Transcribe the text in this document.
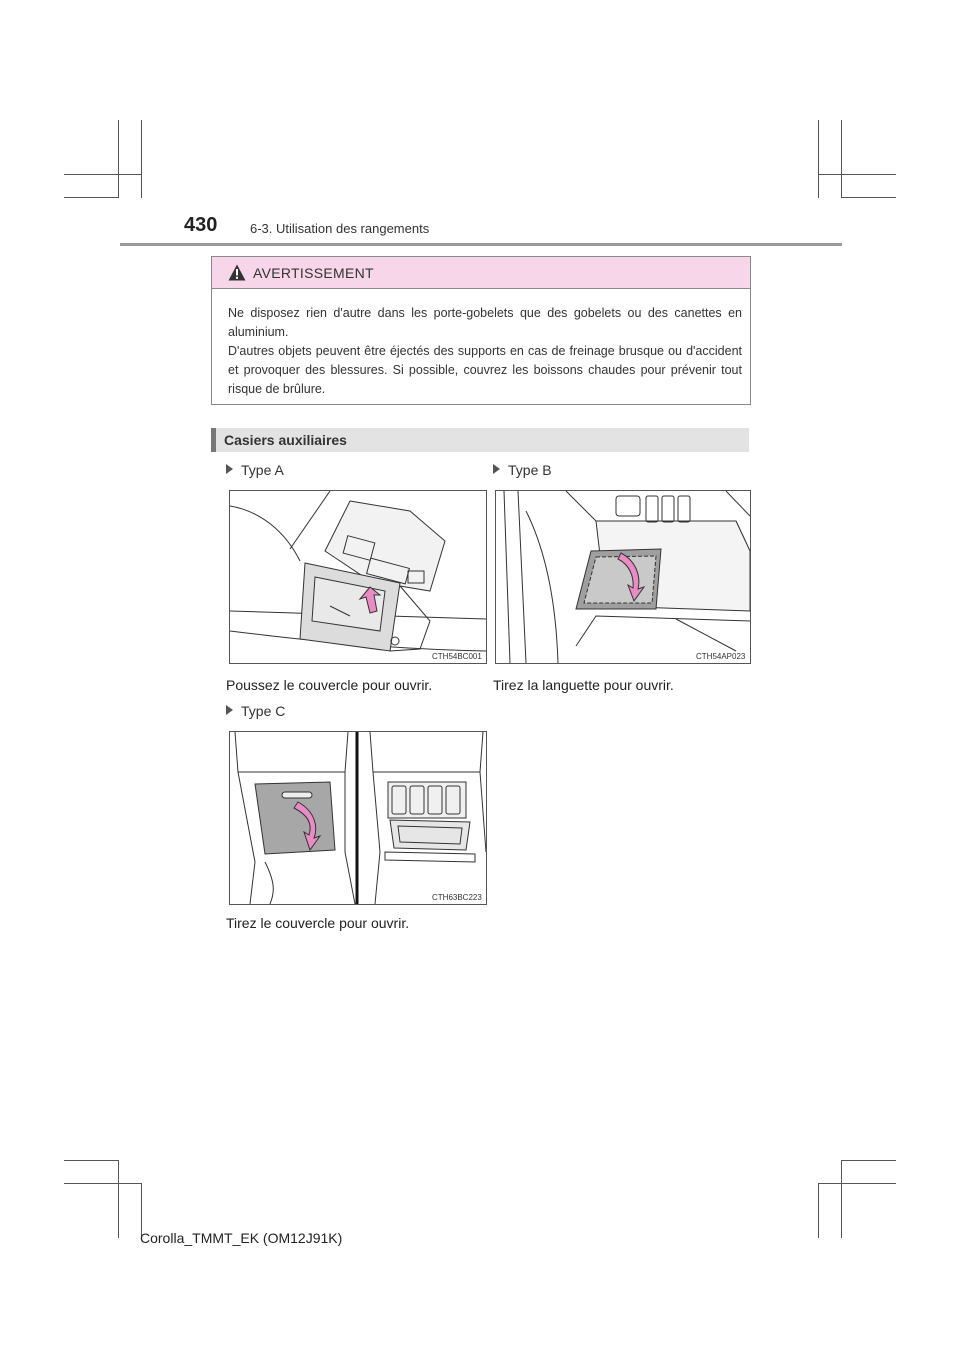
430	6-3. Utilisation des rangements
AVERTISSEMENT

Ne disposez rien d'autre dans les porte-gobelets que des gobelets ou des canettes en aluminium.

D'autres objets peuvent être éjectés des supports en cas de freinage brusque ou d'accident et provoquer des blessures. Si possible, couvrez les boissons chaudes pour prévenir tout risque de brûlure.

Casiers auxiliaires
Type A
CTH54BC001
Poussez le couvercle pour ouvrir.
Type B
CTH54AP023
Tirez la languette pour ouvrir.
Type C
CTH63BC223
Tirez le couvercle pour ouvrir.
Corolla_TMMT_EK (OM12J91K)
